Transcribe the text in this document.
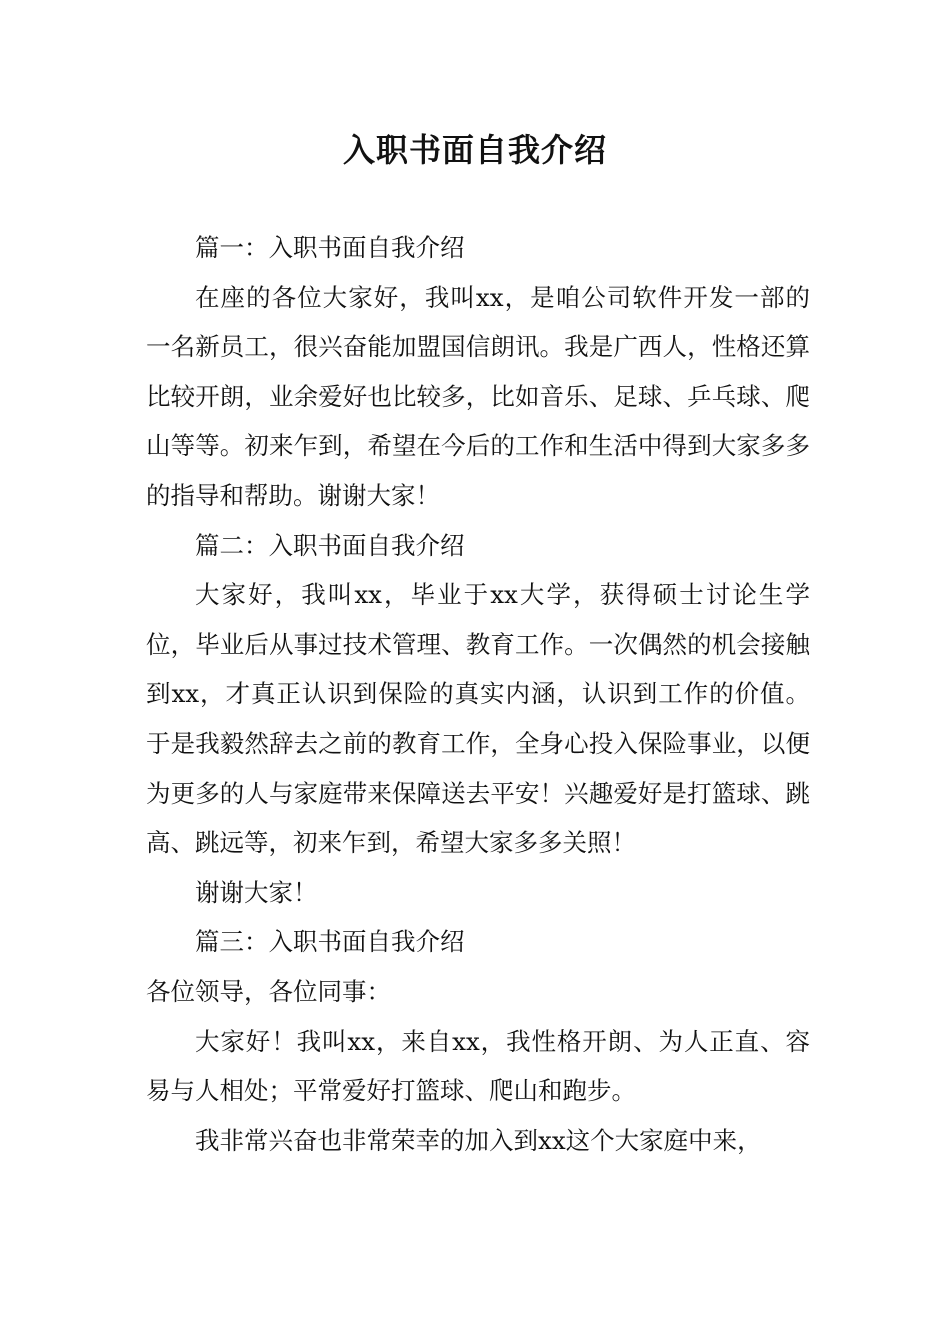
入职书面自我介绍

篇一：入职书面自我介绍

在座的各位大家好，我叫xx，是咱公司软件开发一部的一名新员工，很兴奋能加盟国信朗讯。我是广西人，性格还算比较开朗，业余爱好也比较多，比如音乐、足球、乒乓球、爬山等等。初来乍到，希望在今后的工作和生活中得到大家多多的指导和帮助。谢谢大家！

篇二：入职书面自我介绍

大家好，我叫xx，毕业于xx大学，获得硕士讨论生学位，毕业后从事过技术管理、教育工作。一次偶然的机会接触到xx，才真正认识到保险的真实内涵，认识到工作的价值。于是我毅然辞去之前的教育工作，全身心投入保险事业，以便为更多的人与家庭带来保障送去平安！兴趣爱好是打篮球、跳高、跳远等，初来乍到，希望大家多多关照！

谢谢大家！

篇三：入职书面自我介绍

各位领导，各位同事：

大家好！我叫xx，来自xx，我性格开朗、为人正直、容易与人相处；平常爱好打篮球、爬山和跑步。

我非常兴奋也非常荣幸的加入到xx这个大家庭中来，
